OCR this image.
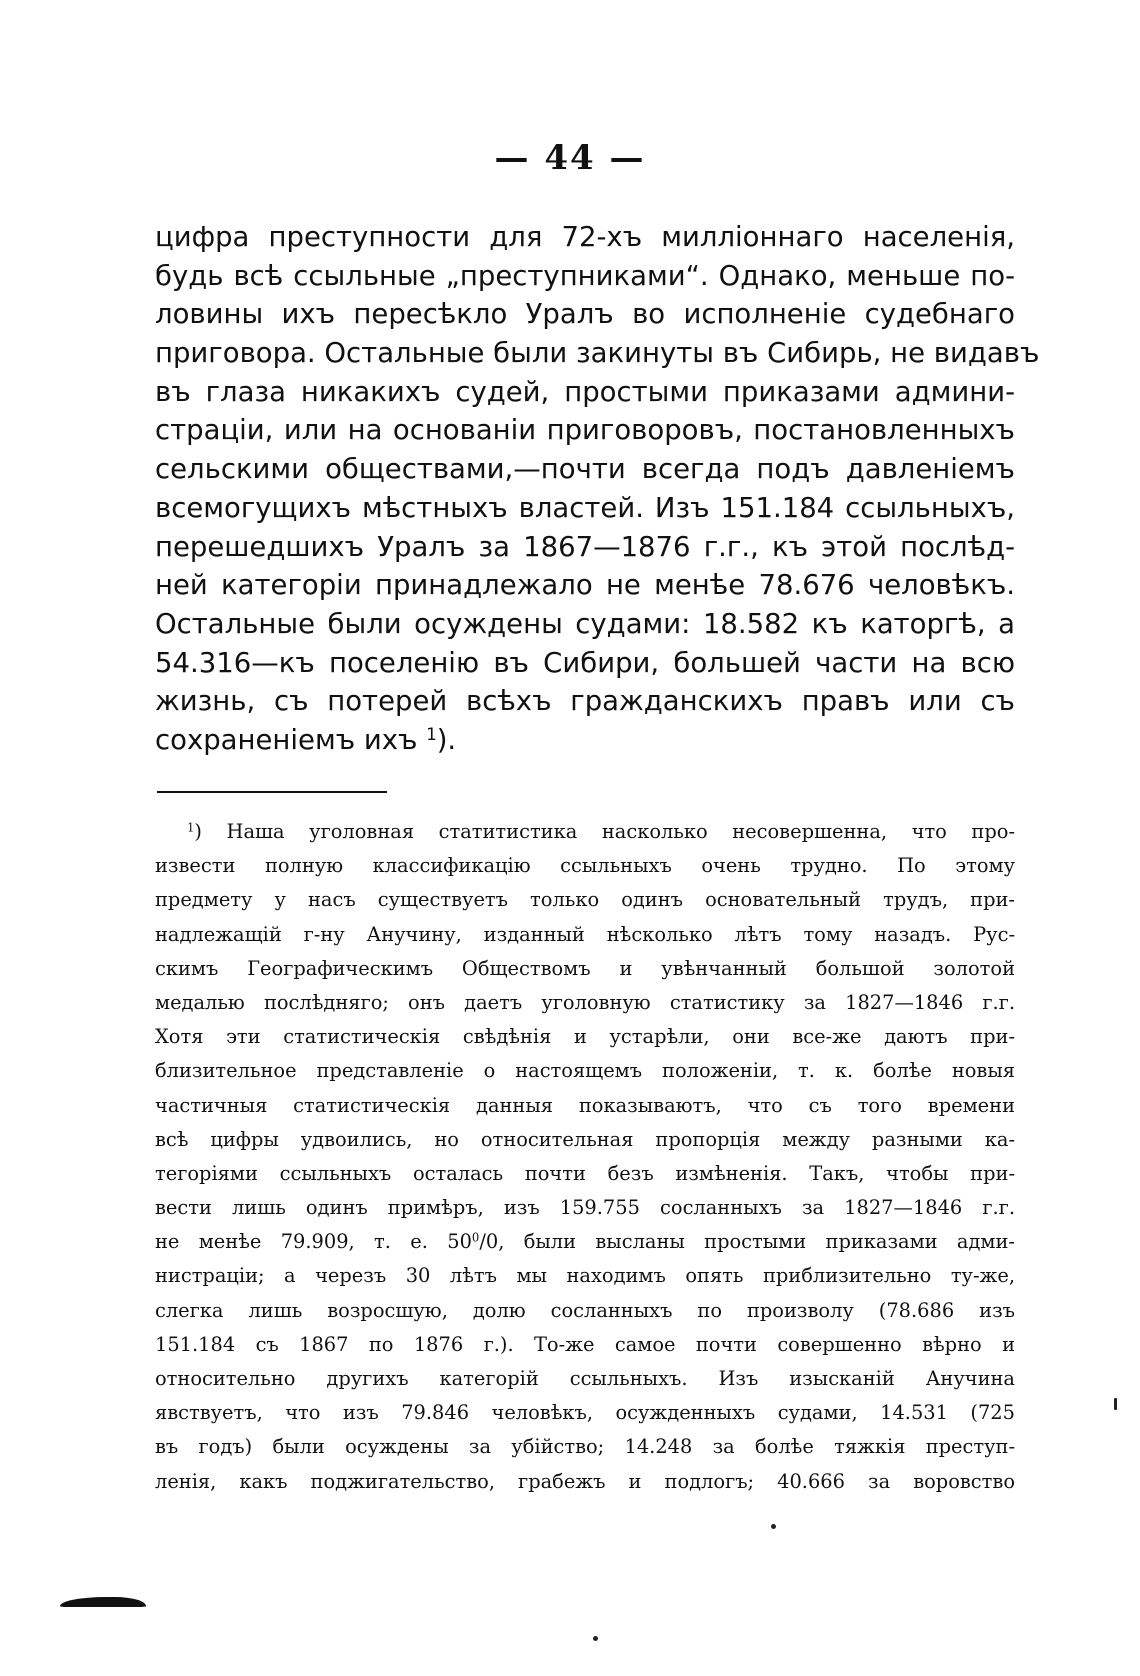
— 44 —
цифра преступности для 72-хъ милліоннаго населенія,
будь всѣ ссыльные „преступниками“. Однако, меньше по-
ловины ихъ пересѣкло Уралъ во исполненіе судебнаго
приговора. Остальные были закинуты въ Сибирь, не видавъ
въ глаза никакихъ судей, простыми приказами админи-
страціи, или на основаніи приговоровъ, постановленныхъ
сельскими обществами,—почти всегда подъ давленіемъ
всемогущихъ мѣстныхъ властей. Изъ 151.184 ссыльныхъ,
перешедшихъ Уралъ за 1867—1876 г.г., къ этой послѣд-
ней категоріи принадлежало не менѣе 78.676 человѣкъ.
Остальные были осуждены судами: 18.582 къ каторгѣ, а
54.316—къ поселенію въ Сибири, большей части на всю
жизнь, съ потерей всѣхъ гражданскихъ правъ или съ
сохраненіемъ ихъ $^1$).
$^1$) Наша уголовная статитистика насколько несовершенна, что про-
извести полную классификацію ссыльныхъ очень трудно. По этому
предмету у насъ существуетъ только одинъ основательный трудъ, при-
надлежащій г-ну Анучину, изданный нѣсколько лѣтъ тому назадъ. Рус-
скимъ Географическимъ Обществомъ и увѣнчанный большой золотой
медалью послѣдняго; онъ даетъ уголовную статистику за 1827—1846 г.г.
Хотя эти статистическія свѣдѣнія и устарѣли, они все-же даютъ при-
близительное представленіе о настоящемъ положеніи, т. к. болѣе новыя
частичныя статистическія данныя показываютъ, что съ того времени
всѣ цифры удвоились, но относительная пропорція между разными ка-
тегоріями ссыльныхъ осталась почти безъ измѣненія. Такъ, чтобы при-
вести лишь одинъ примѣръ, изъ 159.755 сосланныхъ за 1827—1846 г.г.
не менѣе 79.909, т. е. $50^0/0$, были высланы простыми приказами адми-
нистраціи; а черезъ 30 лѣтъ мы находимъ опять приблизительно ту-же,
слегка лишь возросшую, долю сосланныхъ по произволу (78.686 изъ
151.184 съ 1867 по 1876 г.). То-же самое почти совершенно вѣрно и
относительно другихъ категорій ссыльныхъ. Изъ изысканій Анучина
явствуетъ, что изъ 79.846 человѣкъ, осужденныхъ судами, 14.531 (725
въ годъ) были осуждены за убійство; 14.248 за болѣе тяжкія преступ-
ленія, какъ поджигательство, грабежъ и подлогъ; 40.666 за воровство
